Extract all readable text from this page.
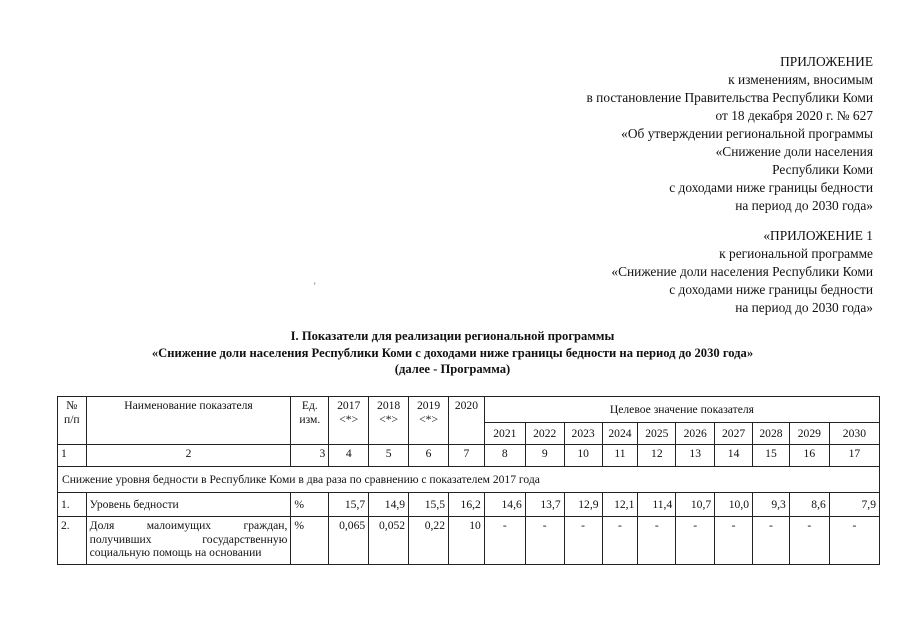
ПРИЛОЖЕНИЕ
к изменениям, вносимым
в постановление Правительства Республики Коми
от 18 декабря 2020 г. № 627
«Об утверждении региональной программы
«Снижение доли населения
Республики Коми
с доходами ниже границы бедности
на период до 2030 года»
«ПРИЛОЖЕНИЕ 1
к региональной программе
«Снижение доли населения Республики Коми
с доходами ниже границы бедности
на период до 2030 года»
'
I. Показатели для реализации региональной программы
«Снижение доли населения Республики Коми с доходами ниже границы бедности на период до 2030 года»
(далее - Программа)
№ п/п	Наименование показателя	Ед. изм.	2017
<*>	2018
<*>	2019
<*>	2020	Целевое значение показателя									
							2021	2022	2023	2024	2025	2026	2027	2028	2029	2030
1	2	3	4	5	6	7	8	9	10	11	12	13	14	15	16	17
Снижение уровня бедности в Республике Коми в два раза по сравнению с показателем 2017 года																
1.	Уровень бедности	%	15,7	14,9	15,5	16,2	14,6	13,7	12,9	12,1	11,4	10,7	10,0	9,3	8,6	7,9
2.	Доля малоимущих граждан, получивших государственную социальную помощь на основании	%	0,065	0,052	0,22	10	-	-	-	-	-	-	-	-	-	-
